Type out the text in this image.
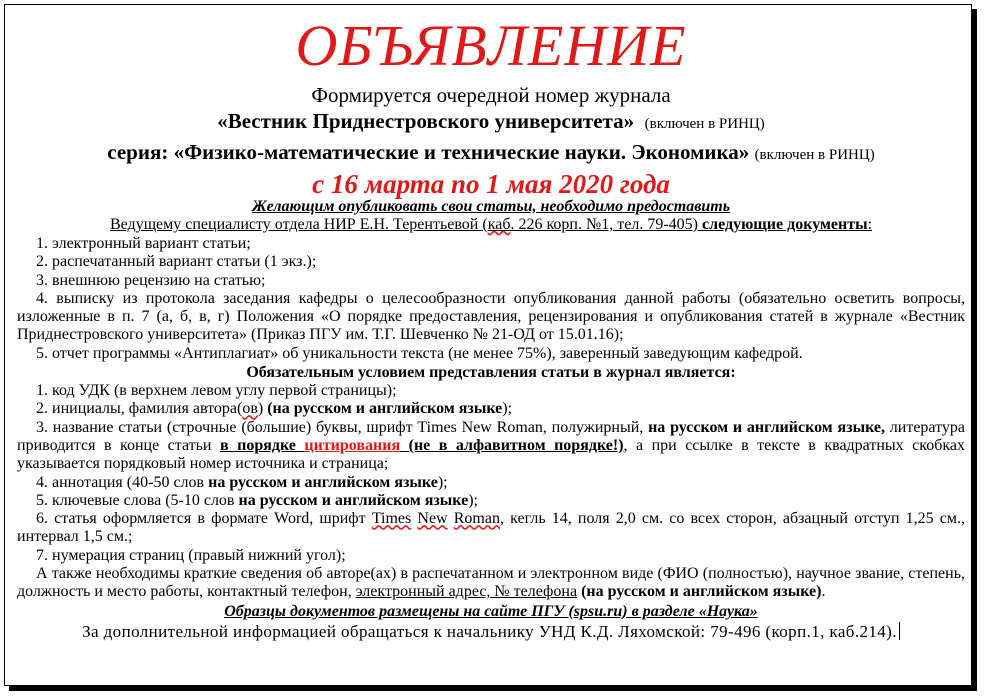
ОБЪЯВЛЕНИЕ
Формируется очередной номер журнала
«Вестник Приднестровского университета» (включен в РИНЦ)
серия: «Физико-математические и технические науки. Экономика» (включен в РИНЦ)
с 16 марта по 1 мая 2020 года
Желающим опубликовать свои статьи, необходимо предоставить
Ведущему специалисту отдела НИР Е.Н. Терентьевой (каб. 226 корп. №1, тел. 79-405) следующие документы:
1. электронный вариант статьи;
2. распечатанный вариант статьи (1 экз.);
3. внешнюю рецензию на статью;
4. выписку из протокола заседания кафедры о целесообразности опубликования данной работы (обязательно осветить вопросы, изложенные в п. 7 (а, б, в, г) Положения «О порядке предоставления, рецензирования и опубликования статей в журнале «Вестник Приднестровского университета» (Приказ ПГУ им. Т.Г. Шевченко № 21-ОД от 15.01.16);
5. отчет программы «Антиплагиат» об уникальности текста (не менее 75%), заверенный заведующим кафедрой.
Обязательным условием представления статьи в журнал является:
1. код УДК (в верхнем левом углу первой страницы);
2. инициалы, фамилия автора(ов) (на русском и английском языке);
3. название статьи (строчные (большие) буквы, шрифт Times New Roman, полужирный, на русском и английском языке, литература приводится в конце статьи в порядке цитирования (не в алфавитном порядке!), а при ссылке в тексте в квадратных скобках указывается порядковый номер источника и страница;
4. аннотация (40-50 слов на русском и английском языке);
5. ключевые слова (5-10 слов на русском и английском языке);
6. статья оформляется в формате Word, шрифт Times New Roman, кегль 14, поля 2,0 см. со всех сторон, абзацный отступ 1,25 см., интервал 1,5 см.;
7. нумерация страниц (правый нижний угол);
А также необходимы краткие сведения об авторе(ах) в распечатанном и электронном виде (ФИО (полностью), научное звание, степень, должность и место работы, контактный телефон, электронный адрес, № телефона (на русском и английском языке).
Образцы документов размещены на сайте ПГУ (spsu.ru) в разделе «Наука»
За дополнительной информацией обращаться к начальнику УНД К.Д. Ляхомской: 79-496 (корп.1, каб.214).
